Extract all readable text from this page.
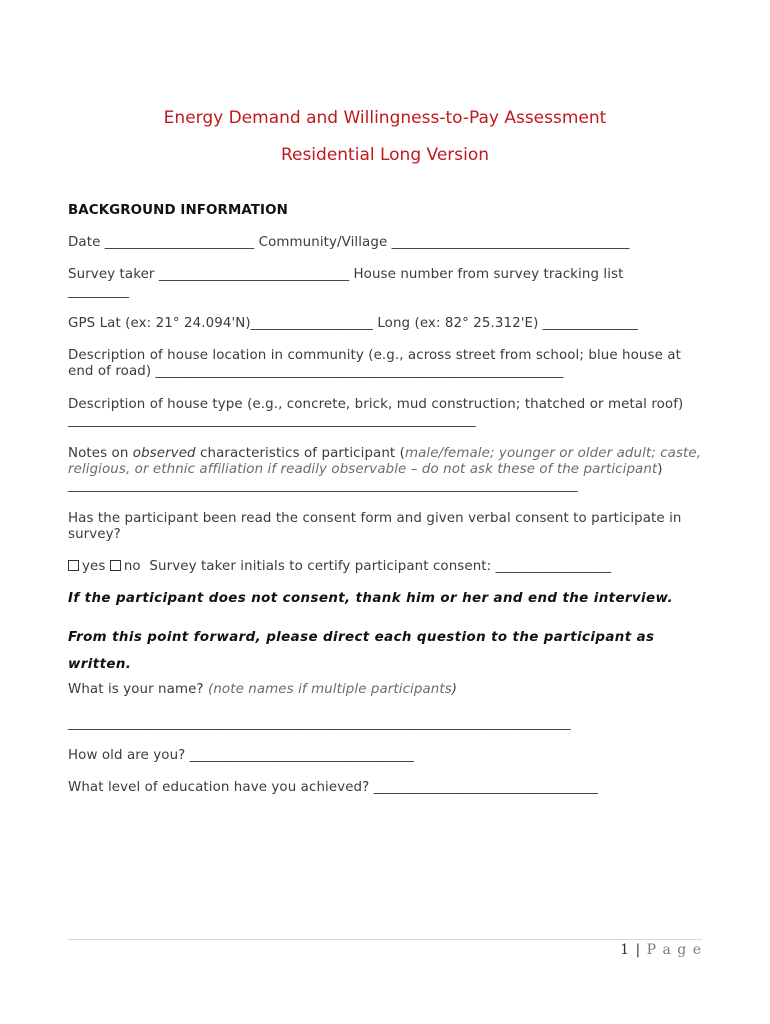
Energy Demand and Willingness-to-Pay Assessment
Residential Long Version
BACKGROUND INFORMATION
Date ______________________ Community/Village ___________________________________
Survey taker ____________________________ House number from survey tracking list
_________
GPS Lat (ex: 21° 24.094'N)__________________ Long (ex: 82° 25.312'E) ______________
Description of house location in community (e.g., across street from school; blue house at end of road) ____________________________________________________________
Description of house type (e.g., concrete, brick, mud construction; thatched or metal roof)
____________________________________________________________
Notes on observed characteristics of participant (male/female; younger or older adult; caste, religious, or ethnic affiliation if readily observable – do not ask these of the participant) ___________________________________________________________________________
Has the participant been read the consent form and given verbal consent to participate in survey?
yes no Survey taker initials to certify participant consent: _________________
If the participant does not consent, thank him or her and end the interview.
From this point forward, please direct each question to the participant as
written.
What is your name? (note names if multiple participants)
__________________________________________________________________________
How old are you? _________________________________
What level of education have you achieved? _________________________________
1 | P a g e
